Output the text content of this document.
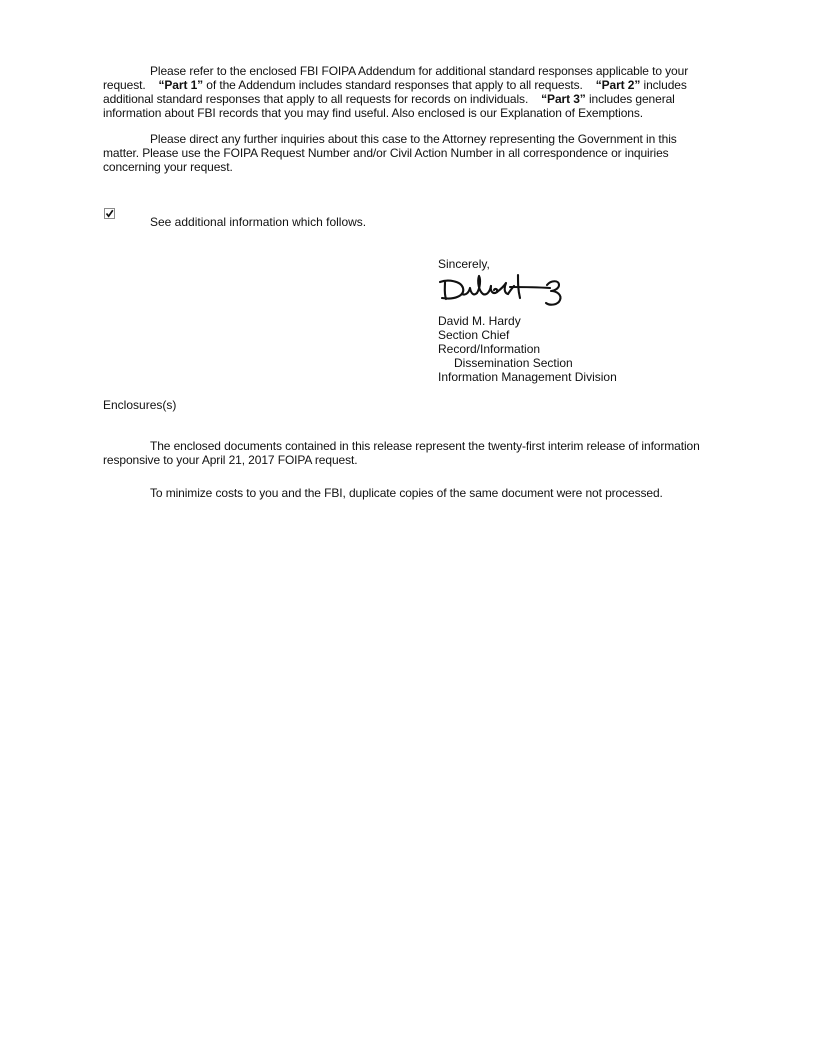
Please refer to the enclosed FBI FOIPA Addendum for additional standard responses applicable to your request. “Part 1” of the Addendum includes standard responses that apply to all requests. “Part 2” includes additional standard responses that apply to all requests for records on individuals. “Part 3” includes general information about FBI records that you may find useful. Also enclosed is our Explanation of Exemptions.

Please direct any further inquiries about this case to the Attorney representing the Government in this matter. Please use the FOIPA Request Number and/or Civil Action Number in all correspondence or inquiries concerning your request.

See additional information which follows.
Sincerely,
David M. Hardy
Section Chief
Record/Information
Dissemination Section
Information Management Division
Enclosures(s)

The enclosed documents contained in this release represent the twenty-first interim release of information responsive to your April 21, 2017 FOIPA request.

To minimize costs to you and the FBI, duplicate copies of the same document were not processed.
